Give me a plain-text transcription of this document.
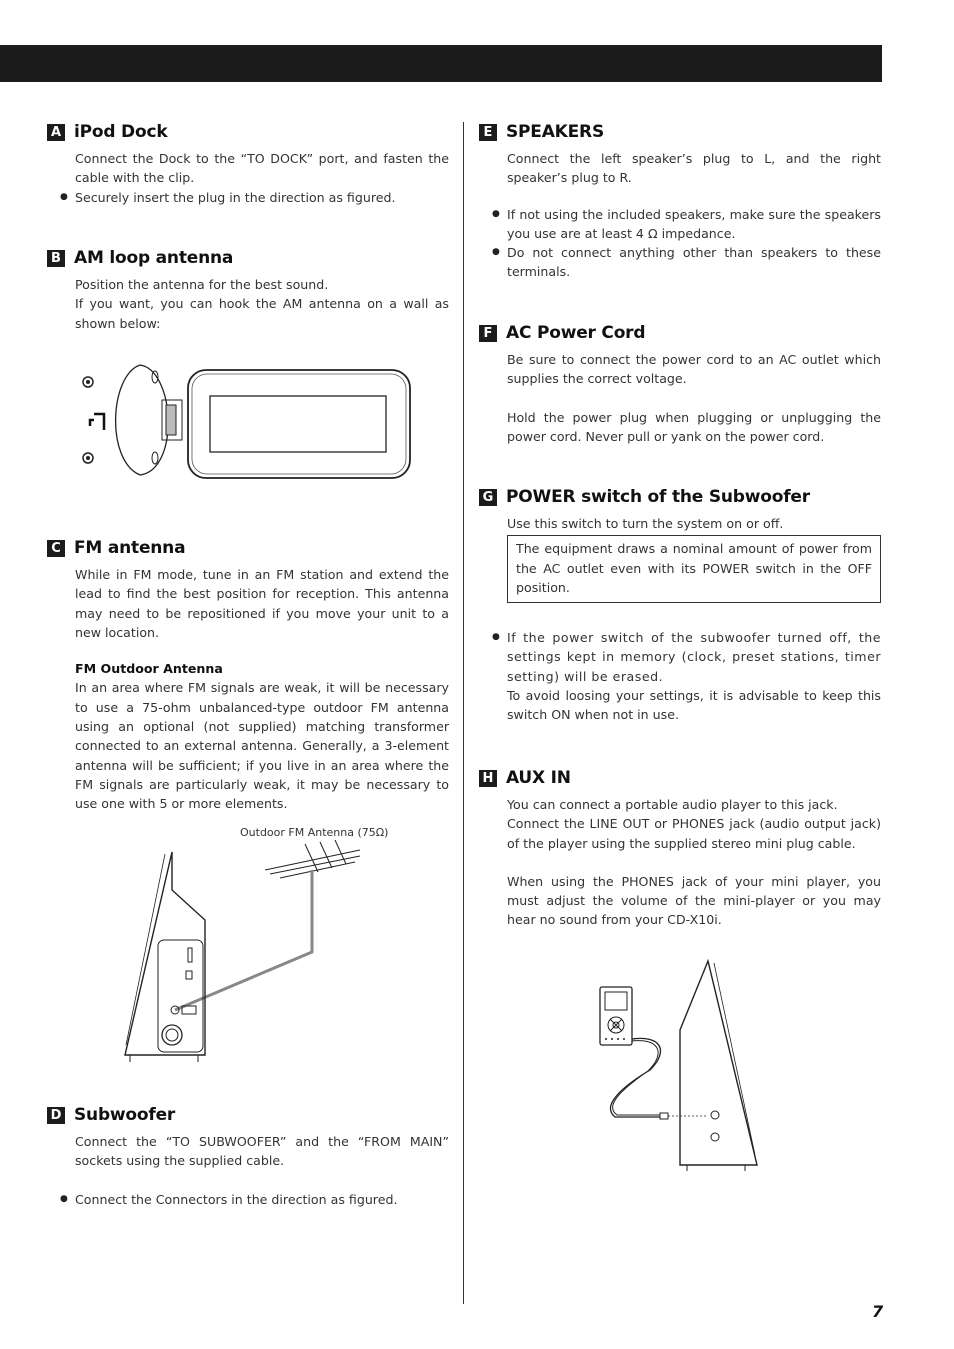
A iPod Dock

Connect the Dock to the “TO DOCK” port, and fasten the cable with the clip.

● Securely insert the plug in the direction as figured.

B AM loop antenna

Position the antenna for the best sound.

If you want, you can hook the AM antenna on a wall as shown below:

C FM antenna

While in FM mode, tune in an FM station and extend the lead to find the best position for reception. This antenna may need to be repositioned if you move your unit to a new location.

FM Outdoor Antenna

In an area where FM signals are weak, it will be necessary to use a 75-ohm unbalanced-type outdoor FM antenna using an optional (not supplied) matching transformer connected to an external antenna. Generally, a 3-element antenna will be sufficient; if you live in an area where the FM signals are particularly weak, it may be necessary to use one with 5 or more elements.

Outdoor FM Antenna (75Ω)
D Subwoofer

Connect the “TO SUBWOOFER” and the “FROM MAIN” sockets using the supplied cable.

● Connect the Connectors in the direction as figured.

E SPEAKERS

Connect the left speaker’s plug to L, and the right speaker’s plug to R.

● If not using the included speakers, make sure the speakers you use are at least 4 Ω impedance.

● Do not connect anything other than speakers to these terminals.

F AC Power Cord

Be sure to connect the power cord to an AC outlet which supplies the correct voltage.

Hold the power plug when plugging or unplugging the power cord. Never pull or yank on the power cord.

G POWER switch of the Subwoofer

Use this switch to turn the system on or off.

The equipment draws a nominal amount of power from the AC outlet even with its POWER switch in the OFF position.

● If the power switch of the subwoofer turned off, the settings kept in memory (clock, preset stations, timer setting) will be erased.

To avoid loosing your settings, it is advisable to keep this switch ON when not in use.

H AUX IN

You can connect a portable audio player to this jack.

Connect the LINE OUT or PHONES jack (audio output jack) of the player using the supplied stereo mini plug cable.

When using the PHONES jack of your mini player, you must adjust the volume of the mini-player or you may hear no sound from your CD-X10i.

7
